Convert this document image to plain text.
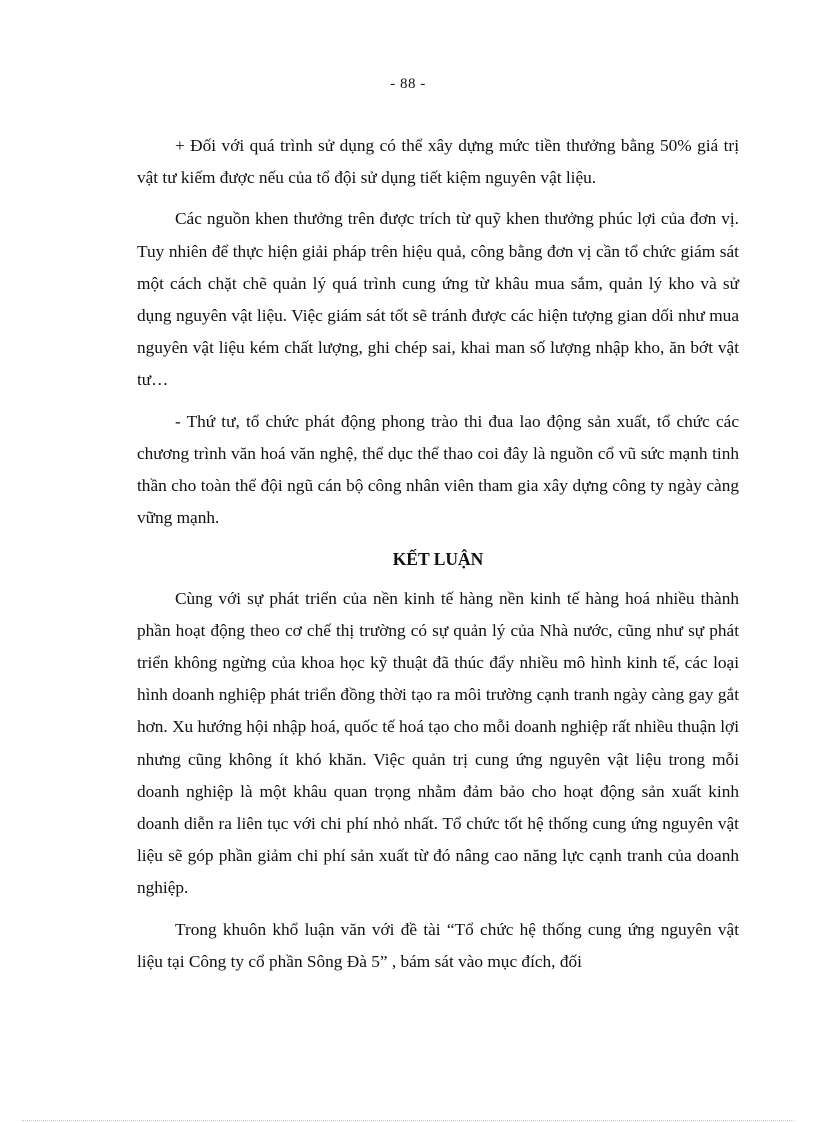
- 88 -

+ Đối với quá trình sử dụng có thể xây dựng mức tiền thưởng bằng 50% giá trị vật tư kiếm được nếu của tổ đội sử dụng tiết kiệm nguyên vật liệu.

Các nguồn khen thưởng trên được trích từ quỹ khen thưởng phúc lợi của đơn vị. Tuy nhiên để thực hiện giải pháp trên hiệu quả, công bằng đơn vị cần tổ chức giám sát một cách chặt chẽ quản lý quá trình cung ứng từ khâu mua sắm, quản lý kho và sử dụng nguyên vật liệu. Việc giám sát tốt sẽ tránh được các hiện tượng gian dối như mua nguyên vật liệu kém chất lượng, ghi chép sai, khai man số lượng nhập kho, ăn bớt vật tư…

- Thứ tư, tổ chức phát động phong trào thi đua lao động sản xuất, tổ chức các chương trình văn hoá văn nghệ, thể dục thể thao coi đây là nguồn cổ vũ sức mạnh tinh thần cho toàn thể đội ngũ cán bộ công nhân viên tham gia xây dựng công ty ngày càng vững mạnh.

KẾT LUẬN

Cùng với sự phát triển của nền kinh tế hàng nền kinh tế hàng hoá nhiều thành phần hoạt động theo cơ chế thị trường có sự quản lý của Nhà nước, cũng như sự phát triển không ngừng của khoa học kỹ thuật đã thúc đẩy nhiều mô hình kinh tế, các loại hình doanh nghiệp phát triển đồng thời tạo ra môi trường cạnh tranh ngày càng gay gắt hơn. Xu hướng hội nhập hoá, quốc tế hoá tạo cho mỗi doanh nghiệp rất nhiều thuận lợi nhưng cũng không ít khó khăn. Việc quản trị cung ứng nguyên vật liệu trong mỗi doanh nghiệp là một khâu quan trọng nhằm đảm bảo cho hoạt động sản xuất kinh doanh diễn ra liên tục với chi phí nhỏ nhất. Tổ chức tốt hệ thống cung ứng nguyên vật liệu sẽ góp phần giảm chi phí sản xuất từ đó nâng cao năng lực cạnh tranh của doanh nghiệp.

Trong khuôn khổ luận văn với đề tài “Tổ chức hệ thống cung ứng nguyên vật liệu tại Công ty cổ phần Sông Đà 5” , bám sát vào mục đích, đối
